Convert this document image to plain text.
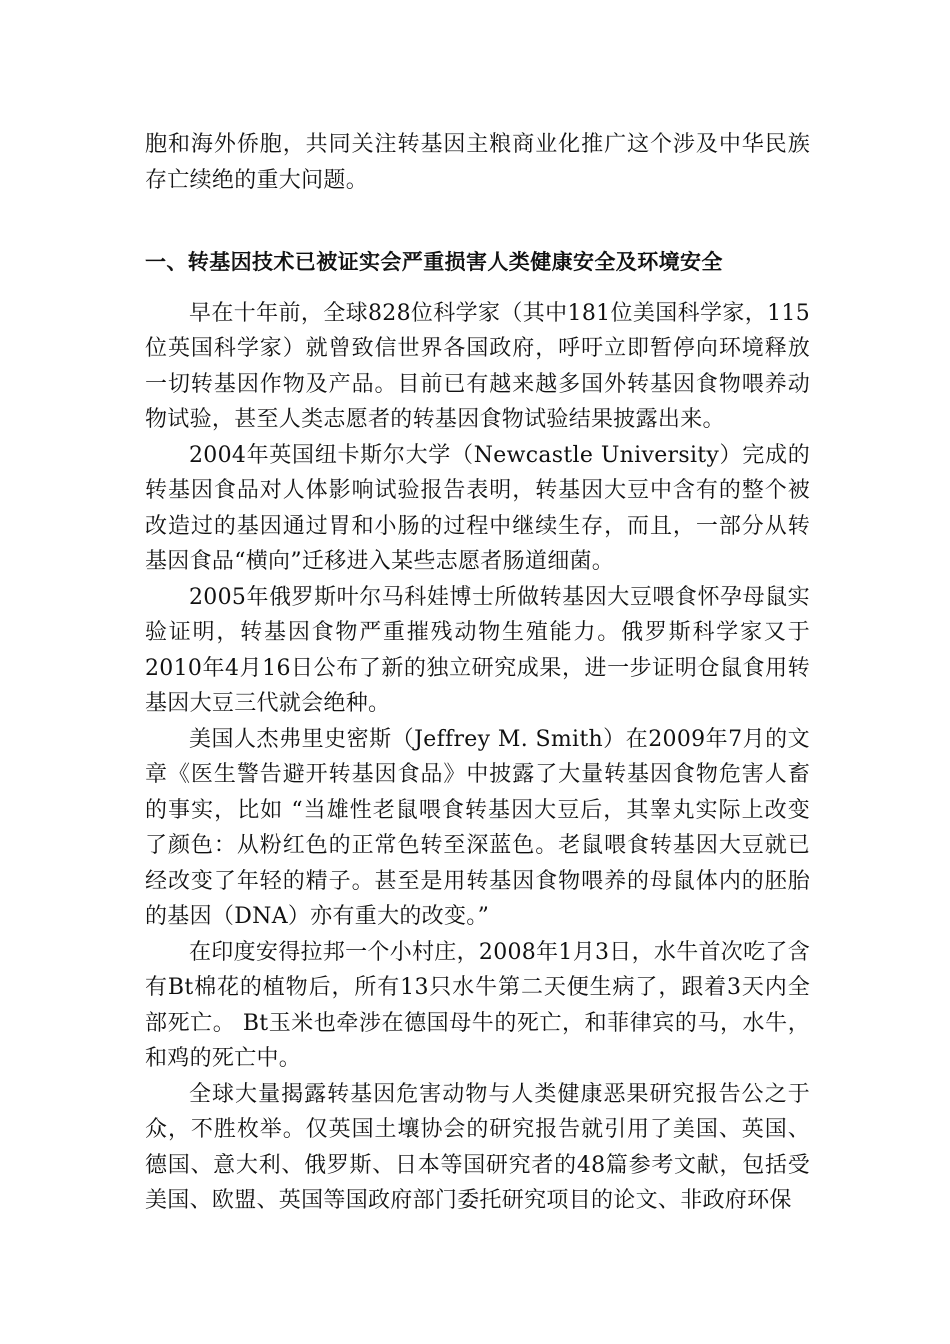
胞和海外侨胞，共同关注转基因主粮商业化推广这个涉及中华民族存亡续绝的重大问题。

一、转基因技术已被证实会严重损害人类健康安全及环境安全

早在十年前，全球828位科学家（其中181位美国科学家，115位英国科学家）就曾致信世界各国政府，呼吁立即暂停向环境释放一切转基因作物及产品。目前已有越来越多国外转基因食物喂养动物试验，甚至人类志愿者的转基因食物试验结果披露出来。

2004年英国纽卡斯尔大学（Newcastle University）完成的转基因食品对人体影响试验报告表明，转基因大豆中含有的整个被改造过的基因通过胃和小肠的过程中继续生存，而且，一部分从转基因食品“横向”迁移进入某些志愿者肠道细菌。

2005年俄罗斯叶尔马科娃博士所做转基因大豆喂食怀孕母鼠实验证明，转基因食物严重摧残动物生殖能力。俄罗斯科学家又于2010年4月16日公布了新的独立研究成果，进一步证明仓鼠食用转基因大豆三代就会绝种。

美国人杰弗里史密斯（Jeffrey M. Smith）在2009年7月的文章《医生警告避开转基因食品》中披露了大量转基因食物危害人畜的事实，比如 “当雄性老鼠喂食转基因大豆后，其睾丸实际上改变了颜色：从粉红色的正常色转至深蓝色。老鼠喂食转基因大豆就已经改变了年轻的精子。甚至是用转基因食物喂养的母鼠体内的胚胎的基因（DNA）亦有重大的改变。”

在印度安得拉邦一个小村庄，2008年1月3日，水牛首次吃了含有Bt棉花的植物后，所有13只水牛第二天便生病了，跟着3天内全部死亡。 Bt玉米也牵涉在德国母牛的死亡，和菲律宾的马，水牛，和鸡的死亡中。

全球大量揭露转基因危害动物与人类健康恶果研究报告公之于众，不胜枚举。仅英国土壤协会的研究报告就引用了美国、英国、德国、意大利、俄罗斯、日本等国研究者的48篇参考文献，包括受美国、欧盟、英国等国政府部门委托研究项目的论文、非政府环保
